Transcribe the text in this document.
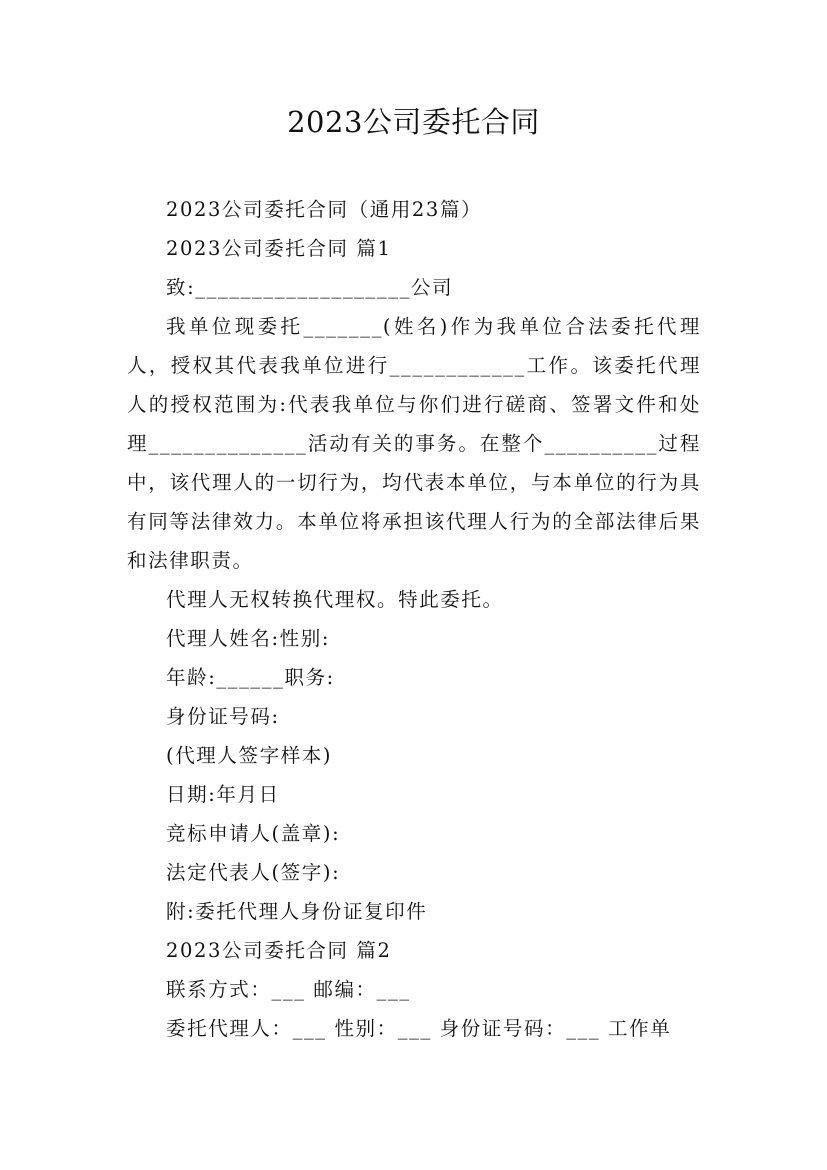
2023公司委托合同

2023公司委托合同（通用23篇）

2023公司委托合同 篇1

致:___________________公司

我单位现委托_______(姓名)作为我单位合法委托代理人，授权其代表我单位进行____________工作。该委托代理人的授权范围为:代表我单位与你们进行磋商、签署文件和处理______________活动有关的事务。在整个__________过程中，该代理人的一切行为，均代表本单位，与本单位的行为具有同等法律效力。本单位将承担该代理人行为的全部法律后果和法律职责。

代理人无权转换代理权。特此委托。

代理人姓名:性别:

年龄:______职务:

身份证号码:

(代理人签字样本)

日期:年月日

竞标申请人(盖章):

法定代表人(签字):

附:委托代理人身份证复印件

2023公司委托合同 篇2

联系方式：___ 邮编：___

委托代理人：___ 性别：___ 身份证号码：___ 工作单
